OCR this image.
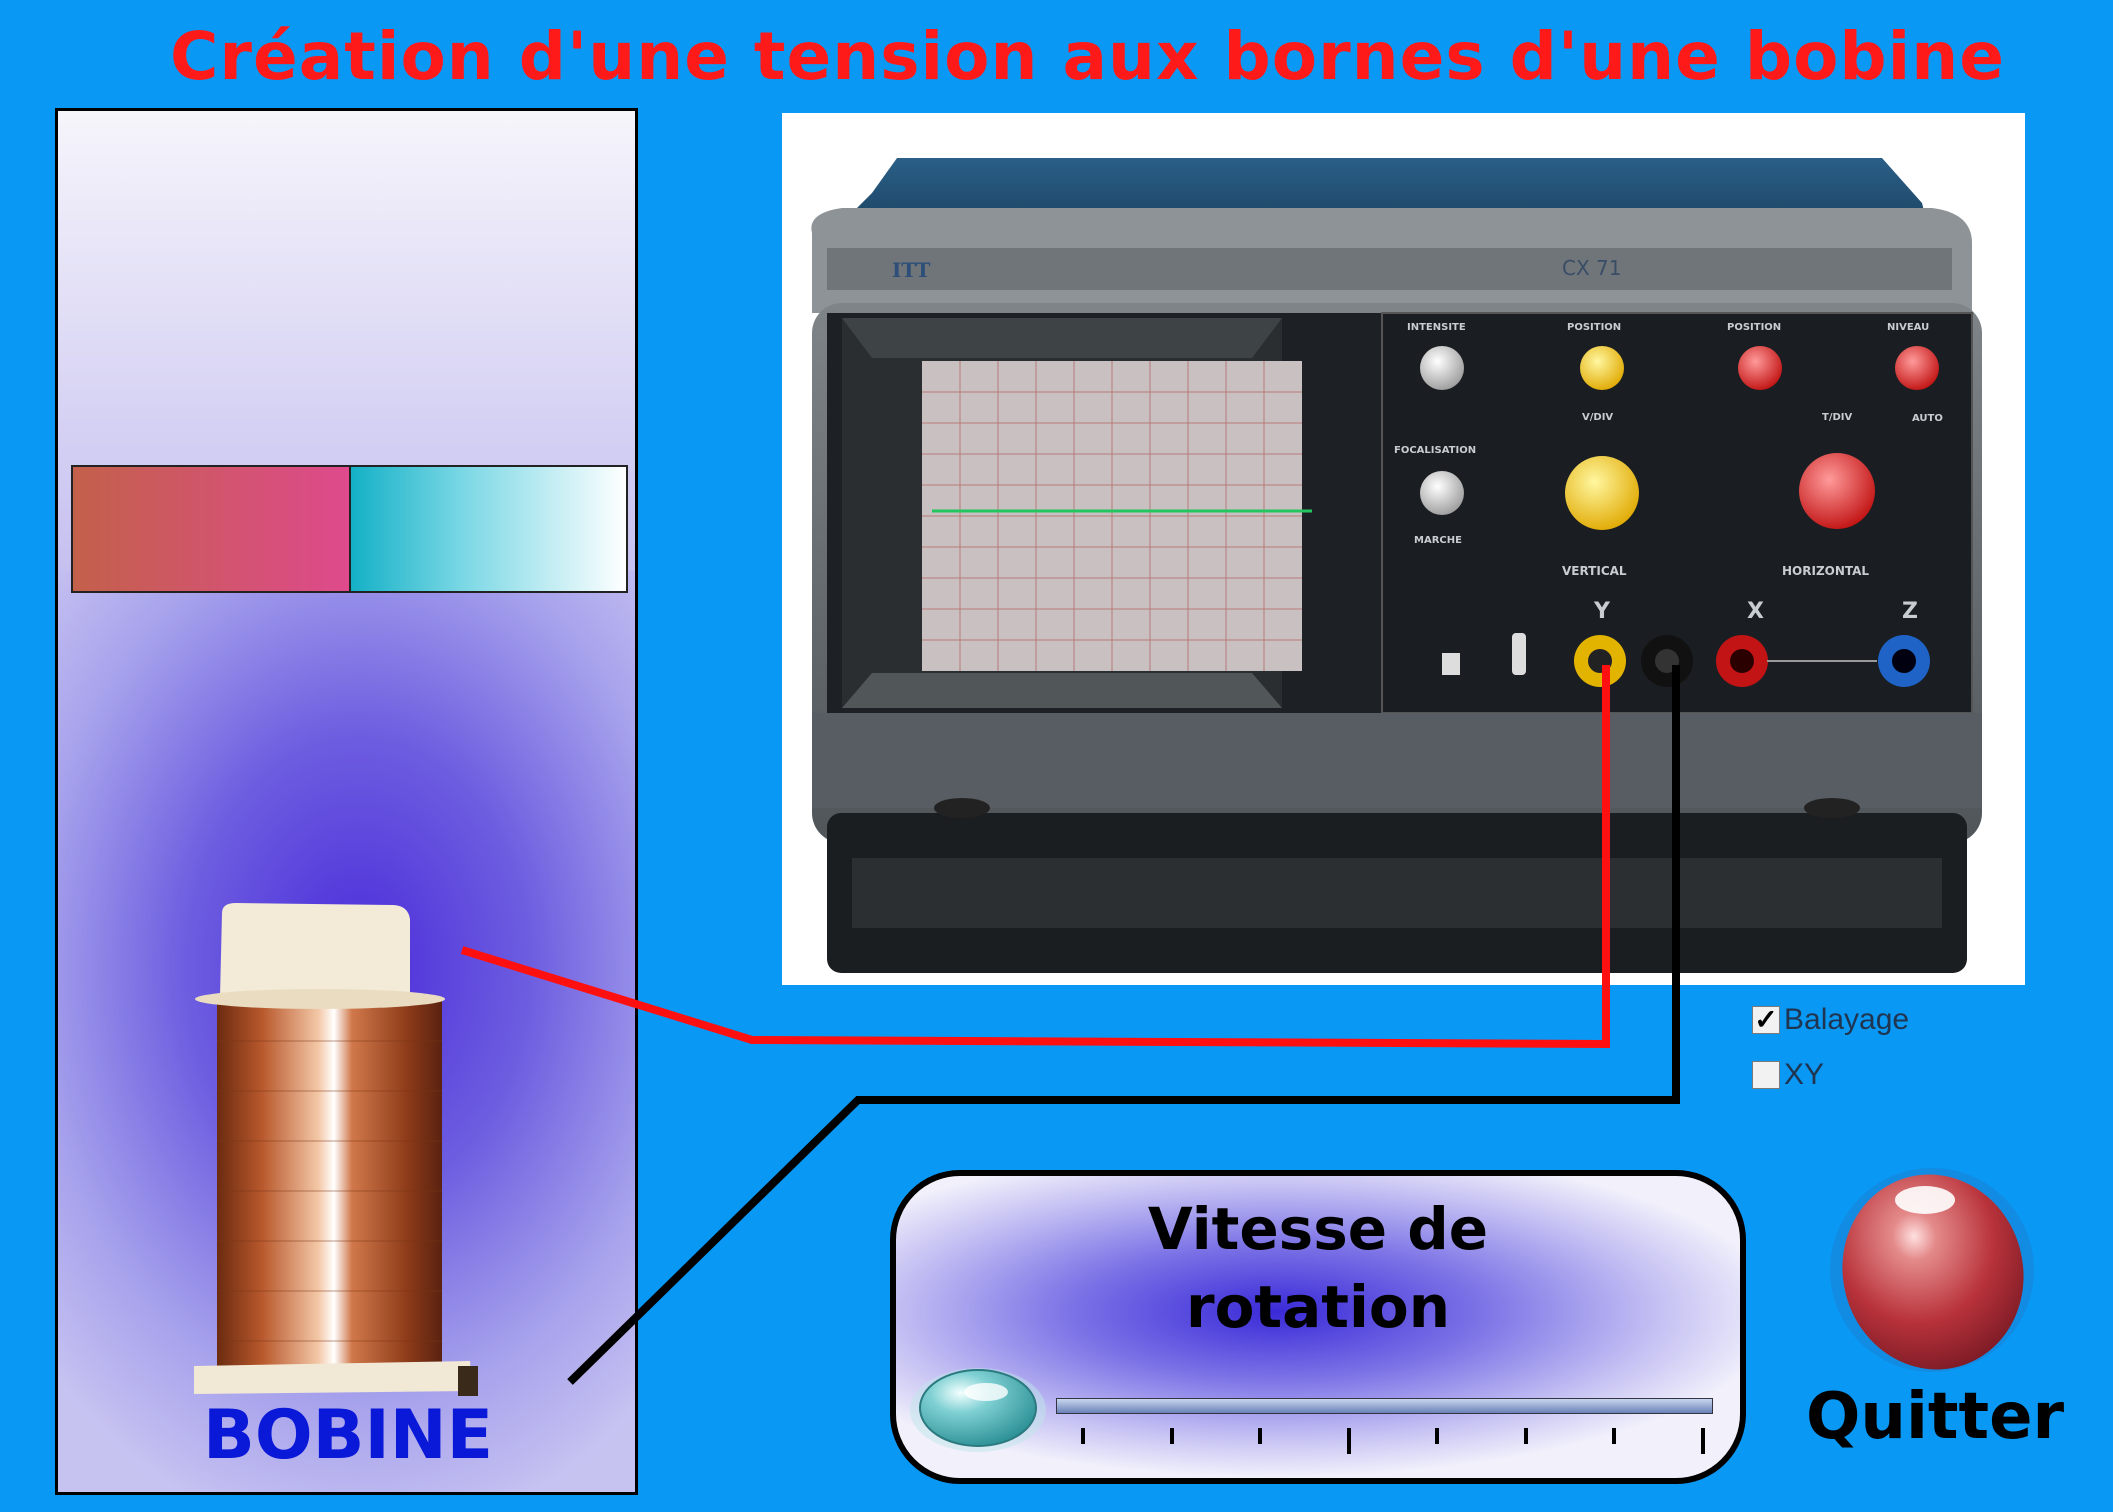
Création d'une tension aux bornes d'une bobine
BOBINE
ITT	CX 71
INTENSITE	POSITION	POSITION	NIVEAU
FOCALISATION
MARCHE
V/DIV	T/DIV
VERTICAL	HORIZONTAL
AUTO
Y	X	Z
✓ Balayage
XY
Vitesse de
rotation
Quitter
